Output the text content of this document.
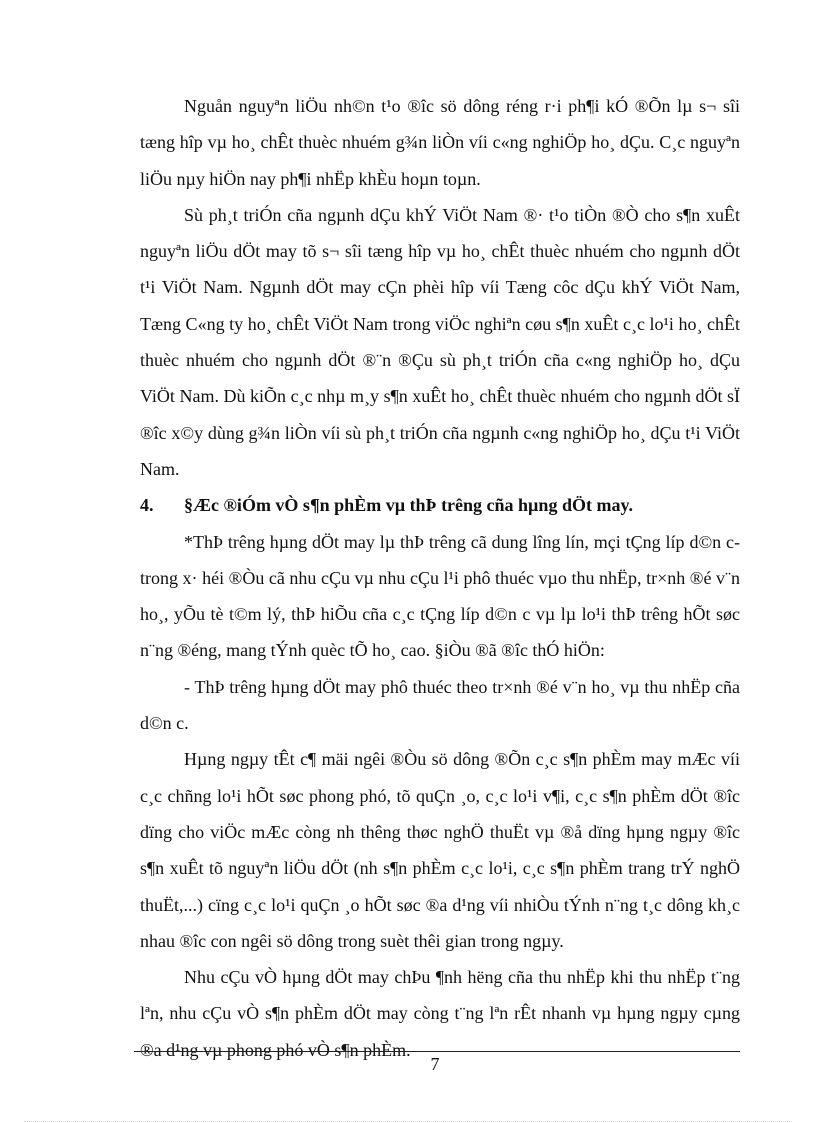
Nguån nguyªn liÖu nh©n t¹o ®îc sö dông réng r·i ph¶i kÓ ®Õn lµ s¬ sîi tæng hîp vµ ho¸ chÊt thuèc nhuém g¾n liÒn víi c«ng nghiÖp ho¸ dÇu. C¸c nguyªn liÖu nµy hiÖn nay ph¶i nhËp khÈu hoµn toµn.

Sù ph¸t triÓn cña ngµnh dÇu khÝ ViÖt Nam ®· t¹o tiÒn ®Ò cho s¶n xuÊt nguyªn liÖu dÖt may tõ s¬ sîi tæng hîp vµ ho¸ chÊt thuèc nhuém cho ngµnh dÖt t¹i ViÖt Nam. Ngµnh dÖt may cÇn phèi hîp víi Tæng côc dÇu khÝ ViÖt Nam, Tæng C«ng ty ho¸ chÊt ViÖt Nam trong viÖc nghiªn cøu s¶n xuÊt c¸c lo¹i ho¸ chÊt thuèc nhuém cho ngµnh dÖt ®¨n ®Çu sù ph¸t triÓn cña c«ng nghiÖp ho¸ dÇu ViÖt Nam. Dù kiÕn c¸c nhµ m¸y s¶n xuÊt ho¸ chÊt thuèc nhuém cho ngµnh dÖt sÏ ®îc x©y dùng g¾n liÒn víi sù ph¸t triÓn cña ngµnh c«ng nghiÖp ho¸ dÇu t¹i ViÖt Nam.

4.	§Æc ®iÓm vÒ s¶n phÈm vµ thÞ trêng cña hµng dÖt may.

*ThÞ trêng hµng dÖt may lµ thÞ trêng cã dung lîng lín, mçi tÇng líp d©n c trong x· héi ®Òu cã nhu cÇu vµ nhu cÇu l¹i phô thuéc vµo thu nhËp, tr×nh ®é v¨n ho¸, yÕu tè t©m lý, thÞ hiÕu cña c¸c tÇng líp d©n c vµ lµ lo¹i thÞ trêng hÕt søc n¨ng ®éng, mang tÝnh quèc tÕ ho¸ cao. §iÒu ®ã ®îc thÓ hiÖn:

- ThÞ trêng hµng dÖt may phô thuéc theo tr×nh ®é v¨n ho¸ vµ thu nhËp cña d©n c.

Hµng ngµy tÊt c¶ mäi ngêi ®Òu sö dông ®Õn c¸c s¶n phÈm may mÆc víi c¸c chñng lo¹i hÕt søc phong phó, tõ quÇn ¸o, c¸c lo¹i v¶i, c¸c s¶n phÈm dÖt ®îc dïng cho viÖc mÆc còng nh thêng thøc nghÖ thuËt vµ ®å dïng hµng ngµy ®îc s¶n xuÊt tõ nguyªn liÖu dÖt (nh s¶n phÈm c¸c lo¹i, c¸c s¶n phÈm trang trÝ nghÖ thuËt,...) cïng c¸c lo¹i quÇn ¸o hÕt søc ®a d¹ng víi nhiÒu tÝnh n¨ng t¸c dông kh¸c nhau ®îc con ngêi sö dông trong suèt thêi gian trong ngµy.

Nhu cÇu vÒ hµng dÖt may chÞu ¶nh hëng cña thu nhËp khi thu nhËp t¨ng lªn, nhu cÇu vÒ s¶n phÈm dÖt may còng t¨ng lªn rÊt nhanh vµ hµng ngµy cµng ®a d¹ng vµ phong phó vÒ s¶n phÈm.

7
